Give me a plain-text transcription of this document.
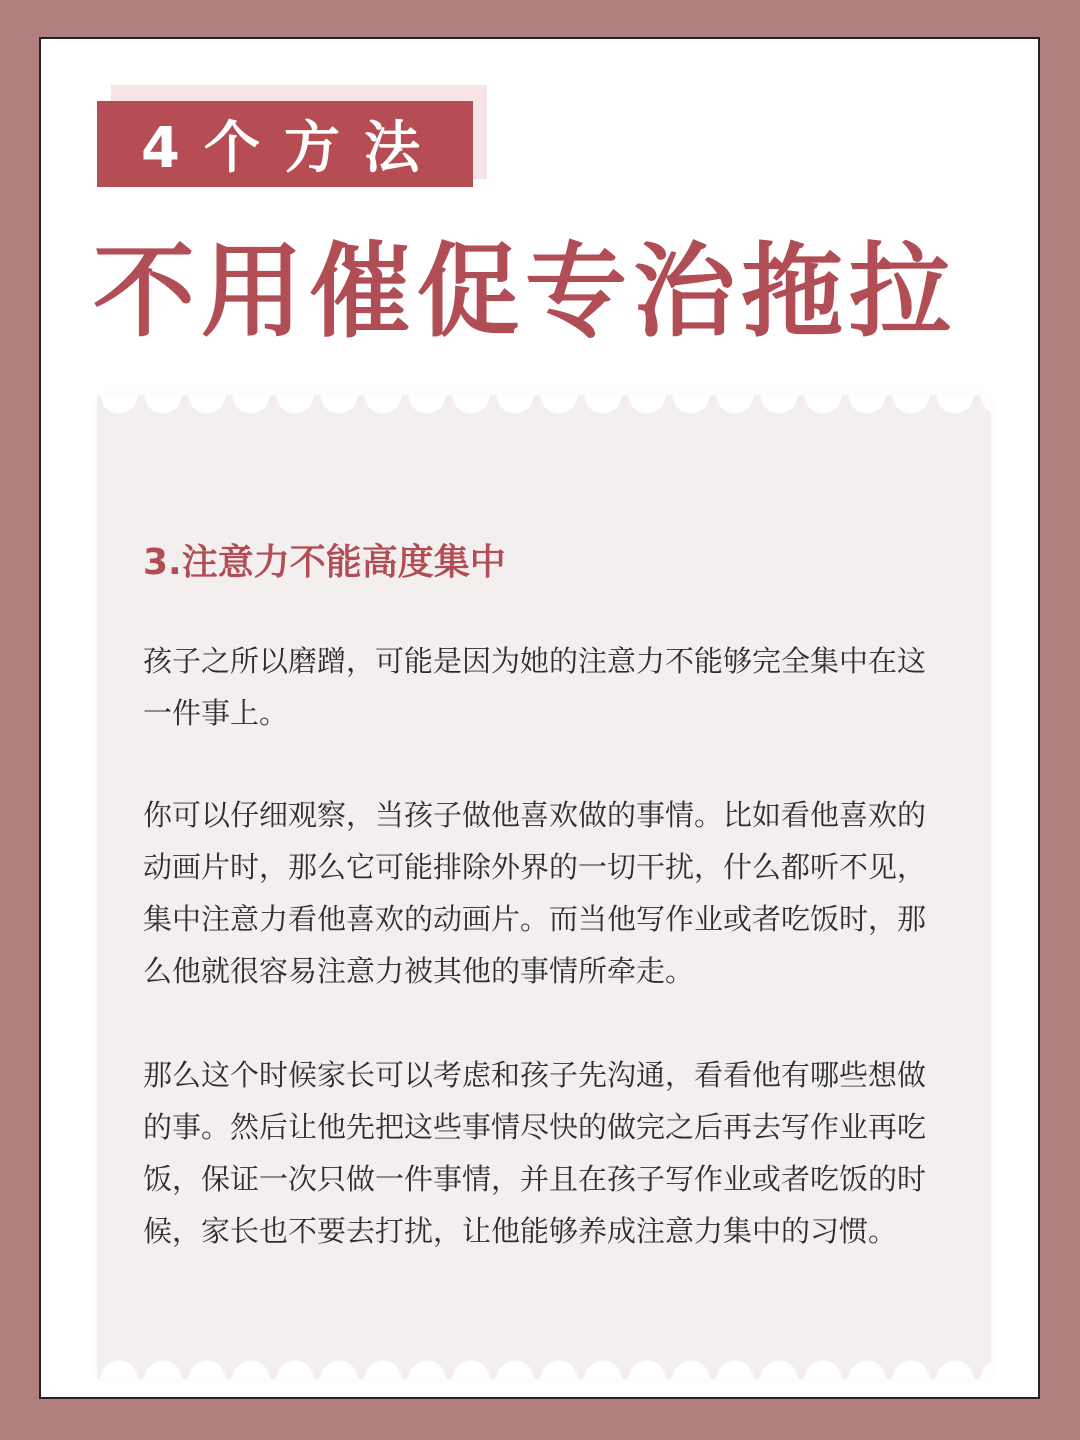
4个方法
不用催促专治拖拉
3.注意力不能高度集中

孩子之所以磨蹭，可能是因为她的注意力不能够完全集中在这一件事上。

你可以仔细观察，当孩子做他喜欢做的事情。比如看他喜欢的动画片时，那么它可能排除外界的一切干扰，什么都听不见，集中注意力看他喜欢的动画片。而当他写作业或者吃饭时，那么他就很容易注意力被其他的事情所牵走。

那么这个时候家长可以考虑和孩子先沟通，看看他有哪些想做的事。然后让他先把这些事情尽快的做完之后再去写作业再吃饭，保证一次只做一件事情，并且在孩子写作业或者吃饭的时候，家长也不要去打扰，让他能够养成注意力集中的习惯。
